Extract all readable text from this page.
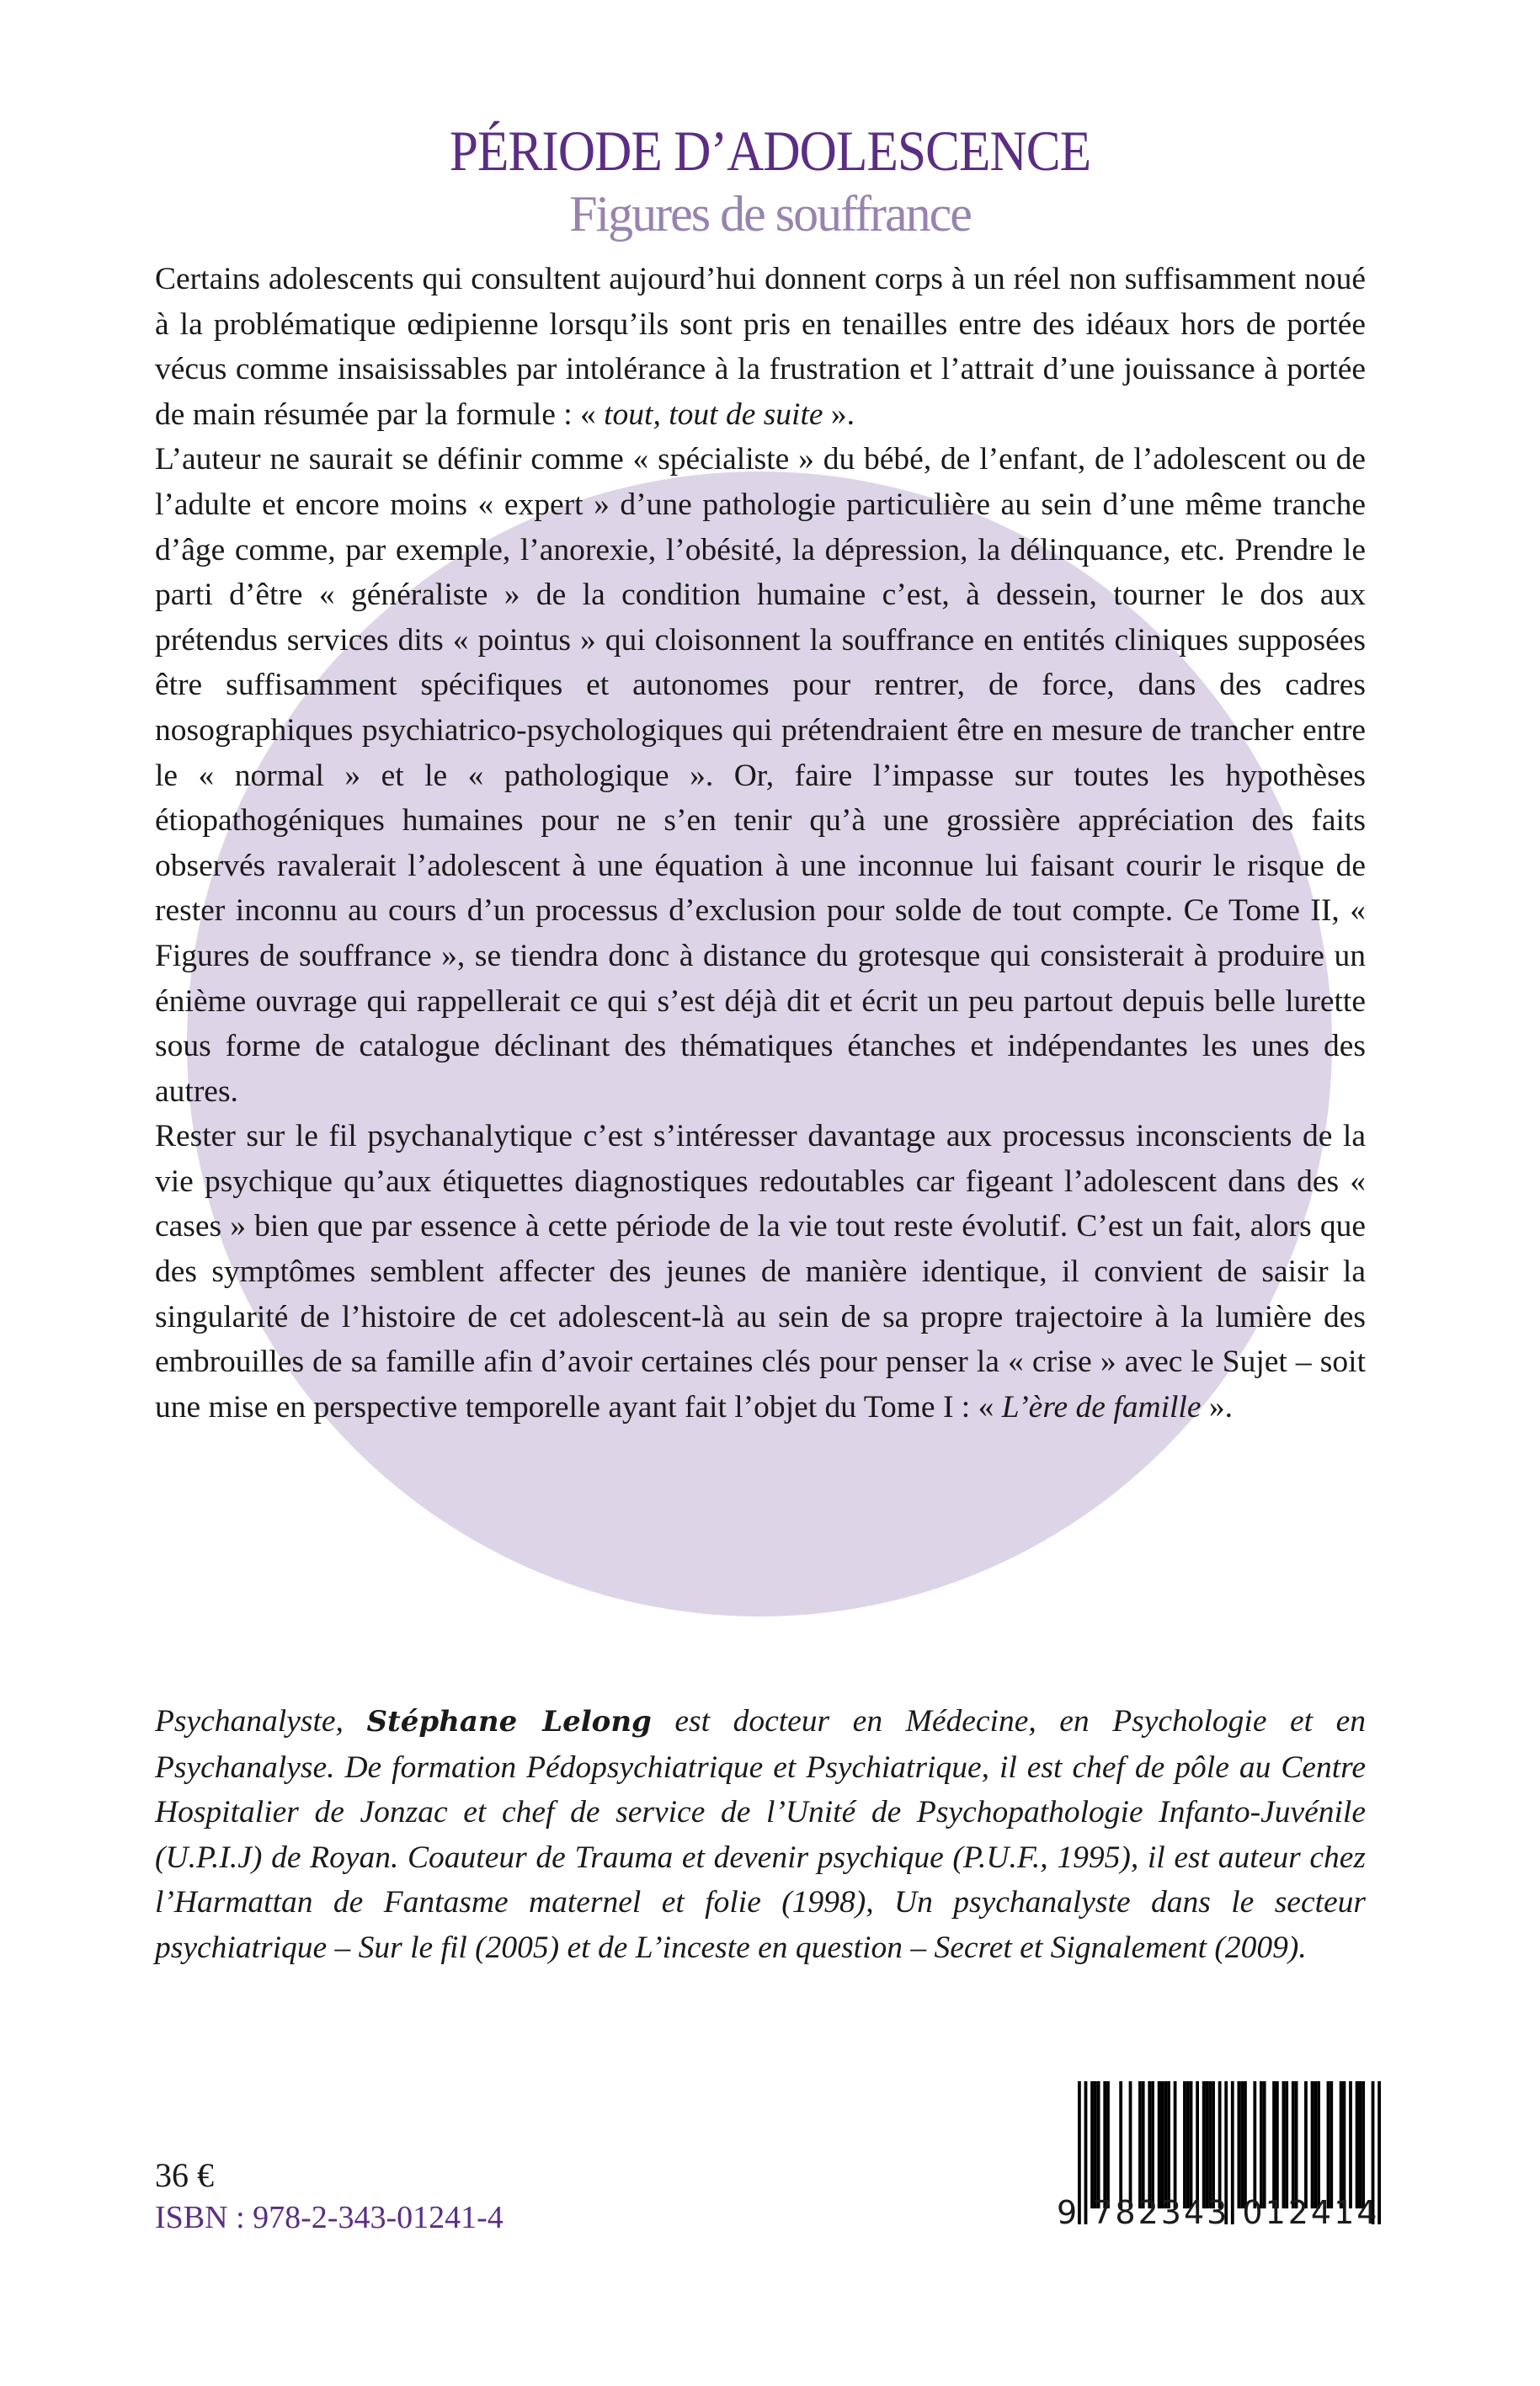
PÉRIODE D’ADOLESCENCE
Figures de souffrance

Certains adolescents qui consultent aujourd’hui donnent corps à un réel non suffisamment noué à la problématique œdipienne lorsqu’ils sont pris en tenailles entre des idéaux hors de portée vécus comme insaisissables par intolérance à la frustration et l’attrait d’une jouissance à portée de main résumée par la formule : « tout, tout de suite ».

L’auteur ne saurait se définir comme « spécialiste » du bébé, de l’enfant, de l’adolescent ou de l’adulte et encore moins « expert » d’une pathologie particulière au sein d’une même tranche d’âge comme, par exemple, l’anorexie, l’obésité, la dépression, la délinquance, etc. Prendre le parti d’être « généraliste » de la condition humaine c’est, à dessein, tourner le dos aux prétendus services dits « pointus » qui cloisonnent la souffrance en entités cliniques supposées être suffisamment spécifiques et autonomes pour rentrer, de force, dans des cadres nosographiques psychiatrico-psychologiques qui prétendraient être en mesure de trancher entre le « normal » et le « pathologique ». Or, faire l’impasse sur toutes les hypothèses étiopathogéniques humaines pour ne s’en tenir qu’à une grossière appréciation des faits observés ravalerait l’adolescent à une équation à une inconnue lui faisant courir le risque de rester inconnu au cours d’un processus d’exclusion pour solde de tout compte. Ce Tome II, « Figures de souffrance », se tiendra donc à distance du grotesque qui consisterait à produire un énième ouvrage qui rappellerait ce qui s’est déjà dit et écrit un peu partout depuis belle lurette sous forme de catalogue déclinant des thématiques étanches et indépendantes les unes des autres.

Rester sur le fil psychanalytique c’est s’intéresser davantage aux processus inconscients de la vie psychique qu’aux étiquettes diagnostiques redoutables car figeant l’adolescent dans des « cases » bien que par essence à cette période de la vie tout reste évolutif. C’est un fait, alors que des symptômes semblent affecter des jeunes de manière identique, il convient de saisir la singularité de l’histoire de cet adolescent-là au sein de sa propre trajectoire à la lumière des embrouilles de sa famille afin d’avoir certaines clés pour penser la « crise » avec le Sujet – soit une mise en perspective temporelle ayant fait l’objet du Tome I : « L’ère de famille ».

Psychanalyste, Stéphane Lelong est docteur en Médecine, en Psychologie et en Psychanalyse. De formation Pédopsychiatrique et Psychiatrique, il est chef de pôle au Centre Hospitalier de Jonzac et chef de service de l’Unité de Psychopathologie Infanto-Juvénile (U.P.I.J) de Royan. Coauteur de Trauma et devenir psychique (P.U.F., 1995), il est auteur chez l’Harmattan de Fantasme maternel et folie (1998), Un psychanalyste dans le secteur psychiatrique – Sur le fil (2005) et de L’inceste en question – Secret et Signalement (2009).
36 €
ISBN : 978-2-343-01241-4	9 782343 012414
